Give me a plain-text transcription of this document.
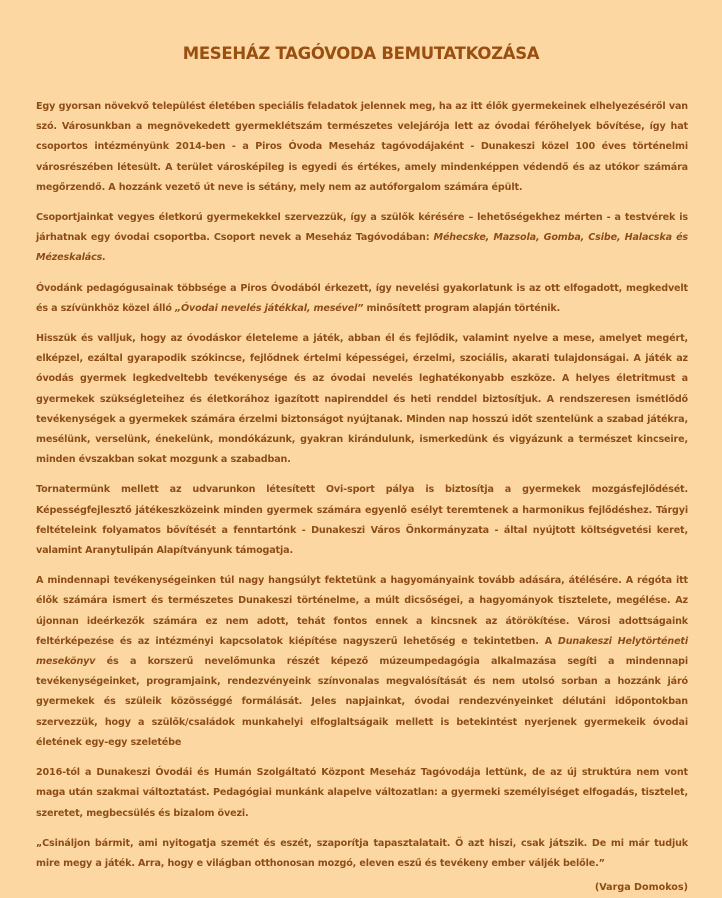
MESEHÁZ TAGÓVODA BEMUTATKOZÁSA

Egy gyorsan növekvő települést életében speciális feladatok jelennek meg, ha az itt élők gyermekeinek elhelyezéséről van szó. Városunkban a megnövekedett gyermeklétszám természetes velejárója lett az óvodai férőhelyek bővítése, így hat csoportos intézményünk 2014-ben - a Piros Óvoda Meseház tagóvodájaként - Dunakeszi közel 100 éves történelmi városrészében létesült. A terület városképileg is egyedi és értékes, amely mindenképpen védendő és az utókor számára megőrzendő. A hozzánk vezető út neve is sétány, mely nem az autóforgalom számára épült.

Csoportjainkat vegyes életkorú gyermekekkel szervezzük, így a szülők kérésére – lehetőségekhez mérten - a testvérek is járhatnak egy óvodai csoportba. Csoport nevek a Meseház Tagóvodában: Méhecske, Mazsola, Gomba, Csibe, Halacska és Mézeskalács.

Óvodánk pedagógusainak többsége a Piros Óvodából érkezett, így nevelési gyakorlatunk is az ott elfogadott, megkedvelt és a szívünkhöz közel álló „Óvodai nevelés játékkal, mesével” minősített program alapján történik.

Hisszük és valljuk, hogy az óvodáskor életeleme a játék, abban él és fejlődik, valamint nyelve a mese, amelyet megért, elképzel, ezáltal gyarapodik szókincse, fejlődnek értelmi képességei, érzelmi, szociális, akarati tulajdonságai. A játék az óvodás gyermek legkedveltebb tevékenysége és az óvodai nevelés leghatékonyabb eszköze. A helyes életritmust a gyermekek szükségleteihez és életkorához igazított napirenddel és heti renddel biztosítjuk. A rendszeresen ismétlődő tevékenységek a gyermekek számára érzelmi biztonságot nyújtanak. Minden nap hosszú időt szentelünk a szabad játékra, mesélünk, verselünk, énekelünk, mondókázunk, gyakran kirándulunk, ismerkedünk és vigyázunk a természet kincseire, minden évszakban sokat mozgunk a szabadban.

Tornatermünk mellett az udvarunkon létesített Ovi-sport pálya is biztosítja a gyermekek mozgásfejlődését. Képességfejlesztő játékeszközeink minden gyermek számára egyenlő esélyt teremtenek a harmonikus fejlődéshez. Tárgyi feltételeink folyamatos bővítését a fenntartónk - Dunakeszi Város Önkormányzata - által nyújtott költségvetési keret, valamint Aranytulipán Alapítványunk támogatja.

A mindennapi tevékenységeinken túl nagy hangsúlyt fektetünk a hagyományaink tovább adására, átélésére. A régóta itt élők számára ismert és természetes Dunakeszi történelme, a múlt dicsőségei, a hagyományok tisztelete, megélése. Az újonnan ideérkezők számára ez nem adott, tehát fontos ennek a kincsnek az átörökítése. Városi adottságaink feltérképezése és az intézményi kapcsolatok kiépítése nagyszerű lehetőség e tekintetben. A Dunakeszi Helytörténeti mesekönyv és a korszerű nevelőmunka részét képező múzeumpedagógia alkalmazása segíti a mindennapi tevékenységeinket, programjaink, rendezvényeink színvonalas megvalósítását és nem utolsó sorban a hozzánk járó gyermekek és szüleik közösséggé formálását. Jeles napjainkat, óvodai rendezvényeinket délutáni időpontokban szervezzük, hogy a szülők/családok munkahelyi elfoglaltságaik mellett is betekintést nyerjenek gyermekeik óvodai életének egy-egy szeletébe

2016-tól a Dunakeszi Óvodái és Humán Szolgáltató Központ Meseház Tagóvodája lettünk, de az új struktúra nem vont maga után szakmai változtatást. Pedagógiai munkánk alapelve változatlan: a gyermeki személyiséget elfogadás, tisztelet, szeretet, megbecsülés és bizalom övezi.

„Csináljon bármit, ami nyitogatja szemét és eszét, szaporítja tapasztalatait. Ő azt hiszi, csak játszik. De mi már tudjuk mire megy a játék. Arra, hogy e világban otthonosan mozgó, eleven eszű és tevékeny ember váljék belőle.”

(Varga Domokos)
